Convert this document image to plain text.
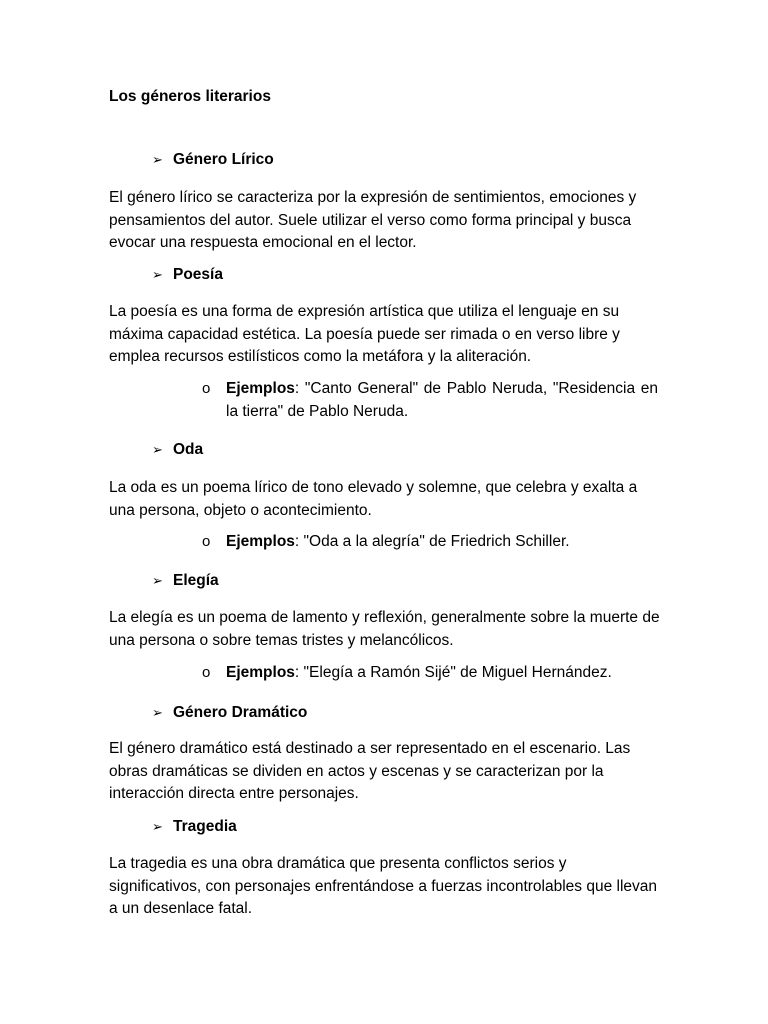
Los géneros literarios
➢ Género Lírico
El género lírico se caracteriza por la expresión de sentimientos, emociones y pensamientos del autor. Suele utilizar el verso como forma principal y busca evocar una respuesta emocional en el lector.
➢ Poesía
La poesía es una forma de expresión artística que utiliza el lenguaje en su máxima capacidad estética. La poesía puede ser rimada o en verso libre y emplea recursos estilísticos como la metáfora y la aliteración.
o	Ejemplos: "Canto General" de Pablo Neruda, "Residencia en la tierra" de Pablo Neruda.
➢ Oda
La oda es un poema lírico de tono elevado y solemne, que celebra y exalta a una persona, objeto o acontecimiento.
o	Ejemplos: "Oda a la alegría" de Friedrich Schiller.
➢ Elegía
La elegía es un poema de lamento y reflexión, generalmente sobre la muerte de una persona o sobre temas tristes y melancólicos.
o	Ejemplos: "Elegía a Ramón Sijé" de Miguel Hernández.
➢ Género Dramático
El género dramático está destinado a ser representado en el escenario. Las obras dramáticas se dividen en actos y escenas y se caracterizan por la interacción directa entre personajes.
➢ Tragedia
La tragedia es una obra dramática que presenta conflictos serios y significativos, con personajes enfrentándose a fuerzas incontrolables que llevan a un desenlace fatal.
